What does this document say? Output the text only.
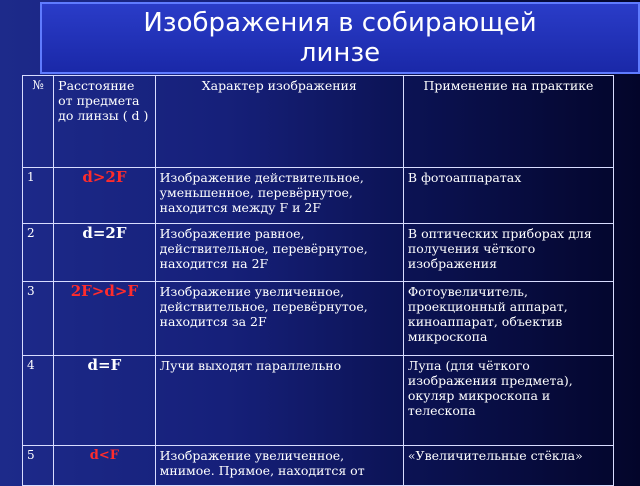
Изображения в собирающей линзе
№	Расстояние от предмета до линзы ( d )	Характер изображения	Применение на практике
1	d>2F	Изображение действительное, уменьшенное, перевёрнутое, находится между F и 2F	В фотоаппаратах
2	d=2F	Изображение равное, действительное, перевёрнутое, находится на 2F	В оптических приборах для получения чёткого изображения
3	2F>d>F	Изображение увеличенное, действительное, перевёрнутое, находится за 2F	Фотоувеличитель, проекционный аппарат, киноаппарат, объектив микроскопа
4	d=F	Лучи выходят параллельно	Лупа (для чёткого изображения предмета), окуляр микроскопа и телескопа
5	d<F	Изображение увеличенное, мнимое. Прямое, находится от	«Увеличительные стёкла»
